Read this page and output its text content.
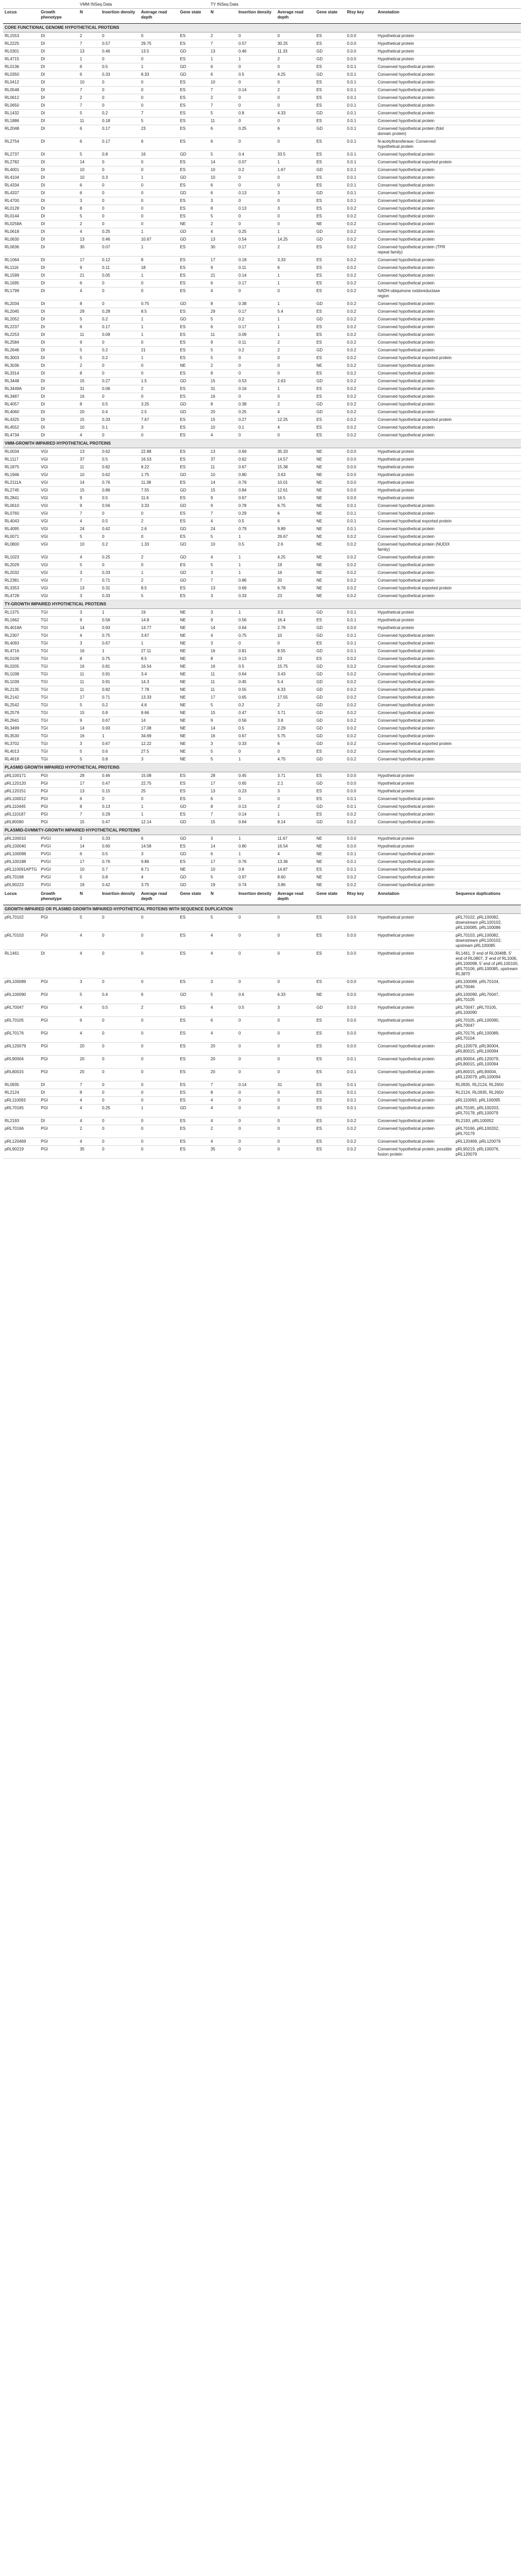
		VMM INSeq Data				TY INSeq Data						
Locus	Growth phenotype	N	Insertion density	Average read depth	Gene state	N	Insertion density	Average read depth	Gene state	Rtsy key	Annotation	
CORE FUNCTIONAL GENOME HYPOTHETICAL PROTEINS												
RL1553	DI	2	0	0	ES	2	0	0	ES	0.0.0	Hypothetical protein	
RL2225	DI	7	0.57	29.75	ES	7	0.57	30.25	ES	0.0.0	Hypothetical protein	
RL0301	DI	13	0.46	13.5	GD	13	0.46	11.33	GD	0.0.0	Hypothetical protein	
RL4715	DI	1	0	0	ES	1	1	2	GD	0.0.0	Hypothetical protein	
RL0136	DI	6	0.5	1	GD	6	0	0	ES	0.0.1	Conserved hypothetical protein	
RL0350	DI	6	0.33	8.33	GD	6	0.5	4.25	GD	0.0.1	Conserved hypothetical protein	
RL0412	DI	10	0	0	ES	10	0	0	ES	0.0.1	Conserved hypothetical protein	
RL0548	DI	7	0	0	ES	7	0.14	2	ES	0.0.1	Conserved hypothetical protein	
RL0612	DI	2	0	0	ES	2	0	0	ES	0.0.1	Conserved hypothetical protein	
RL0650	DI	7	0	0	ES	7	0	0	ES	0.0.1	Conserved hypothetical protein	
RL1432	DI	5	0.2	7	ES	5	0.8	4.33	GD	0.0.1	Conserved hypothetical protein	
RL1886	DI	11	0.18	5	ES	11	0	0	ES	0.0.1	Conserved hypothetical protein	
RL2048	DI	6	0.17	23	ES	6	0.25	6	GD	0.0.1	Conserved hypothetical protein (fold domain protein)	
RL2754	DI	6	0.17	6	ES	6	0	0	ES	0.0.1	N-acetyltransferase; Conserved hypothetical protein	
RL2737	DI	5	0.8	16	GD	5	0.4	33.5	ES	0.0.1	Conserved hypothetical protein	
RL2782	DI	14	0	0	ES	14	0.07	1	ES	0.0.1	Conserved hypothetical exported protein	
RL4001	DI	10	0	0	ES	10	0.2	1.67	GD	0.0.1	Conserved hypothetical protein	
RL4104	DI	10	0.3	1	GD	10	0	0	ES	0.0.1	Conserved hypothetical protein	
RL4334	DI	6	0	0	ES	6	0	0	ES	0.0.1	Conserved hypothetical protein	
RL4337	DI	6	0	0	GD	6	0.13	3	GD	0.0.1	Conserved hypothetical protein	
RL4700	DI	3	0	0	ES	3	0	0	ES	0.0.1	Conserved hypothetical protein	
RL0128	DI	8	0	0	ES	8	0.13	3	ES	0.0.2	Conserved hypothetical protein	
RL0144	DI	5	0	0	ES	5	0	0	ES	0.0.2	Conserved hypothetical protein	
RL0258A	DI	2	0	0	NE	2	0	0	NE	0.0.2	Conserved hypothetical protein	
RL0618	DI	4	0.25	1	GD	4	0.25	1	GD	0.0.2	Conserved hypothetical protein	
RL0630	DI	13	0.46	10.67	GD	13	0.54	14.25	GD	0.0.2	Conserved hypothetical protein	
RL0636	DI	30	0.07	1	ES	30	0.17	2	ES	0.0.2	Conserved hypothetical protein (TPR repeat family)	
RL1064	DI	17	0.12	8	ES	17	0.18	3.33	ES	0.0.2	Conserved hypothetical protein	
RL1116	DI	9	0.11	18	ES	9	0.11	6	ES	0.0.2	Conserved hypothetical protein	
RL1599	DI	21	0.05	1	ES	21	0.14	1	ES	0.0.2	Conserved hypothetical protein	
RL1695	DI	6	0	0	ES	6	0.17	1	ES	0.0.2	Conserved hypothetical protein	
RL1799	DI	4	0	0	ES	4	0	0	ES	0.0.2	NADH-ubiquinone oxidoreductase region	
RL2034	DI	8	0	0.75	GD	8	0.38	1	GD	0.0.2	Conserved hypothetical protein	
RL2045	DI	29	0.28	8.5	ES	29	0.17	5.4	ES	0.0.2	Conserved hypothetical protein	
RL2052	DI	5	0.2	1	GD	5	0.2	1	GD	0.0.2	Conserved hypothetical protein	
RL2237	DI	6	0.17	1	ES	6	0.17	1	ES	0.0.2	Conserved hypothetical protein	
RL2253	DI	11	0.09	1	ES	11	0.09	1	ES	0.0.2	Conserved hypothetical protein	
RL2584	DI	9	0	0	ES	9	0.11	2	ES	0.0.2	Conserved hypothetical protein	
RL2646	DI	5	0.2	21	ES	5	0.2	2	GD	0.0.2	Conserved hypothetical protein	
RL3003	DI	5	0.2	1	ES	5	0	0	ES	0.0.2	Conserved hypothetical exported protein	
RL3036	DI	2	0	0	NE	2	0	0	NE	0.0.2	Conserved hypothetical protein	
RL3314	DI	8	0	0	ES	8	0	0	ES	0.0.2	Conserved hypothetical protein	
RL3448	DI	15	0.27	1.5	GD	15	0.53	2.63	GD	0.0.2	Conserved hypothetical protein	
RL3449A	DI	31	0.06	2	ES	31	0.16	1	ES	0.0.2	Conserved hypothetical protein	
RL3487	DI	16	0	0	ES	16	0	0	ES	0.0.2	Conserved hypothetical protein	
RL4057	DI	8	0.5	3.25	GD	8	0.38	2	GD	0.0.2	Conserved hypothetical protein	
RL4060	DI	20	0.4	2.5	GD	20	0.25	4	GD	0.0.2	Conserved hypothetical protein	
RL4325	DI	15	0.33	7.67	ES	15	0.27	12.25	ES	0.0.2	Conserved hypothetical exported protein	
RL4552	DI	10	0.1	3	ES	10	0.1	4	ES	0.0.2	Conserved hypothetical protein	
RL4734	DI	4	0	0	ES	4	0	0	ES	0.0.2	Conserved hypothetical protein	
VMM-GROWTH IMPAIRED HYPOTHETICAL PROTEINS												
RL0034	VGI	13	0.62	22.88	ES	13	0.69	35.33	NE	0.0.0	Hypothetical protein	
RL1117	VGI	37	0.5	16.53	ES	37	0.62	14.57	NE	0.0.0	Hypothetical protein	
RL1875	VGI	11	0.82	8.22	ES	11	0.67	15.38	NE	0.0.0	Hypothetical protein	
RL1946	VGI	10	0.62	1.75	GD	10	0.80	3.63	NE	0.0.0	Hypothetical protein	
RL2111A	VGI	14	0.76	11.38	ES	14	0.79	10.01	NE	0.0.0	Hypothetical protein	
RL2745	VGI	15	0.86	7.55	GD	15	0.84	12.61	NE	0.0.0	Hypothetical protein	
RL2841	VGI	9	0.5	11.6	ES	9	0.67	16.5	NE	0.0.0	Hypothetical protein	
RL0610	VGI	9	0.56	3.33	GD	9	0.78	6.75	NE	0.0.1	Conserved hypothetical protein	
RL0760	VGI	7	0	0	ES	7	0.29	6	NE	0.0.1	Conserved hypothetical protein	
RL4043	VGI	4	0.5	2	ES	4	0.5	6	NE	0.0.1	Conserved hypothetical exported protein	
RL4095	VGI	24	0.42	2.6	GD	24	0.79	9.89	NE	0.0.1	Conserved hypothetical protein	
RL0071	VGI	5	0	0	ES	5	1	26.67	NE	0.0.2	Conserved hypothetical protein	
RL0800	VGI	10	0.2	1.33	GD	10	0.5	2.6	NE	0.0.2	Conserved hypothetical protein (NUDIX family)	
RL1023	VGI	4	0.25	2	GD	4	1	4.25	NE	0.0.2	Conserved hypothetical protein	
RL2029	VGI	5	0	0	ES	5	1	19	NE	0.0.2	Conserved hypothetical protein	
RL2032	VGI	3	0.33	1	GD	3	1	16	NE	0.0.2	Conserved hypothetical protein	
RL2381	VGI	7	0.71	2	GD	7	0.86	20	NE	0.0.2	Conserved hypothetical protein	
RL3353	VGI	13	0.31	8.5	ES	13	0.69	6.78	NE	0.0.2	Conserved hypothetical exported protein	
RL4728	VGI	3	0.33	5	ES	3	0.33	23	NE	0.0.2	Conserved hypothetical protein	
TY-GROWTH IMPAIRED HYPOTHETICAL PROTEINS												
RL1375	TGI	3	1	19	NE	3	1	3.5	GD	0.0.1	Hypothetical protein	
RL1662	TGI	9	0.56	14.8	NE	9	0.56	16.4	ES	0.0.1	Hypothetical protein	
RL4018A	TGI	14	0.93	14.77	NE	14	0.64	2.78	GD	0.0.0	Hypothetical protein	
RL2307	TGI	4	0.75	3.67	NE	4	0.75	10	GD	0.0.1	Conserved hypothetical protein	
RL4093	TGI	3	0.67	1	NE	3	0	0	ES	0.0.1	Conserved hypothetical protein	
RL4716	TGI	16	1	27.11	NE	16	0.81	8.55	GD	0.0.1	Conserved hypothetical protein	
RL0109	TGI	8	0.75	8.5	NE	8	0.13	23	ES	0.0.2	Conserved hypothetical protein	
RL0205	TGI	16	0.81	16.54	NE	16	0.5	15.75	GD	0.0.2	Conserved hypothetical protein	
RL1038	TGI	11	0.91	3.4	NE	11	0.64	3.43	GD	0.0.2	Conserved hypothetical protein	
RL1039	TGI	11	0.91	14.3	NE	11	0.45	5.4	GD	0.0.2	Conserved hypothetical protein	
RL2135	TGI	11	0.82	7.78	NE	11	0.55	6.33	GD	0.0.2	Conserved hypothetical protein	
RL2142	TGI	17	0.71	13.33	NE	17	0.65	17.55	GD	0.0.2	Conserved hypothetical protein	
RL2542	TGI	5	0.2	4.6	NE	5	0.2	2	GD	0.0.2	Conserved hypothetical protein	
RL2579	TGI	15	0.8	8.66	NE	15	0.47	3.71	GD	0.0.2	Conserved hypothetical protein	
RL2641	TGI	9	0.67	14	NE	9	0.56	3.8	GD	0.0.2	Conserved hypothetical protein	
RL3499	TGI	14	0.93	17.08	NE	14	0.5	2.29	GD	0.0.2	Conserved hypothetical protein	
RL3530	TGI	16	1	34.69	NE	16	0.67	5.75	GD	0.0.2	Conserved hypothetical protein	
RL3702	TGI	3	0.67	12.22	NE	3	0.33	6	GD	0.0.2	Conserved hypothetical exported protein	
RL4013	TGI	5	0.6	27.5	NE	5	0	0	ES	0.0.2	Conserved hypothetical protein	
RL4618	TGI	5	0.8	3	NE	5	1	4.75	GD	0.0.2	Conserved hypothetical protein	
PLASMID GROWTH IMPAIRED HYPOTHETICAL PROTEINS												
pRL100171	PGI	28	0.46	15.08	ES	28	0.45	3.71	ES	0.0.0	Hypothetical protein	
pRL120120	PGI	17	0.47	22.75	ES	17	0.65	2.1	GD	0.0.0	Hypothetical protein	
pRL120151	PGI	13	0.15	25	ES	13	0.23	3	ES	0.0.0	Hypothetical protein	
pRL100012	PGI	6	0	0	ES	6	0	0	ES	0.0.1	Conserved hypothetical protein	
pRL110445	PGI	8	0.13	1	GD	8	0.13	2	GD	0.0.1	Conserved hypothetical protein	
pRL110187	PGI	7	0.29	1	ES	7	0.14	1	ES	0.0.2	Conserved hypothetical protein	
pRL80090	PGI	15	0.47	12.14	GD	15	0.64	8.14	GD	0.0.2	Conserved hypothetical protein	
PLASMID-GVMM/TY-GROWTH IMPAIRED HYPOTHETICAL PROTEINS												
pRL100010	PVGI	3	0.33	6	GD	3	1	11.67	NE	0.0.0	Hypothetical protein	
pRL100040	PVGI	14	0.60	14.58	ES	14	0.80	16.54	NE	0.0.0	Hypothetical protein	
pRL100098	PVGI	6	0.5	3	GD	6	1	4	NE	0.0.1	Conserved hypothetical protein	
pRL100188	PVGI	17	0.76	9.86	ES	17	0.76	13.36	NE	0.0.1	Conserved hypothetical protein	
pRL110091APTG	PVGI	10	0.7	8.71	NE	10	0.8	14.87	ES	0.0.1	Conserved hypothetical protein	
pRL70168	PVGI	5	0.8	4	GD	5	0.97	8.60	NE	0.0.2	Conserved hypothetical protein	
pRL90223	PVGI	19	0.42	3.75	GD	19	0.74	3.86	NE	0.0.2	Conserved hypothetical protein	

Locus	Growth phenotype	N	Insertion density	Average read depth	Gene state	N	Insertion density	Average read depth	Gene state	Rtsy key	Annotation	Sequence duplications
GROWTH IMPAIRED OR PLASMID GROWTH IMPAIRED HYPOTHETICAL PROTEINS WITH SEQUENCE DUPLICATION												
pRL70102	PGI	5	0	0	ES	5	0	0	ES	0.0.0	Hypothetical protein	pRL70102, pRL100082, downstream pRL100102, pRL100085, pRL100086
pRL70103	PGI	4	0	0	ES	4	0	0	ES	0.0.0	Hypothetical protein	pRL70103, pRL100082, downstream pRL100102, upstream pRL100085
RL1461	DI	4	0	0	ES	4	0	0	ES	0.0.0	Hypothetical protein	RL1461, 3' end of RL0048B, 5' end of RL0807, 3' end of RL1006, pRL100098, 5' end of pRL100100, pRL70106, pRL100085, upstream RL3870
pRL100089	PGI	3	0	0	ES	3	0	0	ES	0.0.0	Hypothetical protein	pRL100089, pRL70104, pRL70046
pRL100090	PGI	5	0.4	6	GD	5	0.6	6.33	NE	0.0.0	Hypothetical protein	pRL100090, pRL70047, pRL70105
pRL70047	PGI	4	0.5	2	ES	4	0.5	3	GD	0.0.0	Hypothetical protein	pRL70047, pRL70105, pRL100090
pRL70105	PGI	6	0	0	ES	6	0	0	ES	0.0.0	Hypothetical protein	pRL70105, pRL100090, pRL70047
pRL70176	PGI	4	0	0	ES	4	0	0	ES	0.0.0	Hypothetical protein	pRL70176, pRL100089, pRL70104
pRL120079	PGI	20	0	0	ES	20	0	0	ES	0.0.0	Conserved hypothetical protein	pRL120079, pRL90004, pRL80015, pRL100094
pRL90004	PGI	20	0	0	ES	20	0	0	ES	0.0.1	Conserved hypothetical protein	pRL90004, pRL120079, pRL80015, pRL100094
pRL80015	PGI	20	0	0	ES	20	0	0	ES	0.0.1	Conserved hypothetical protein	pRL80015, pRL90004, pRL120079, pRL100094
RL0935	DI	7	0	0	ES	7	0.14	31	ES	0.0.1	Conserved hypothetical protein	RL0935, RL2124, RL2650
RL2124	DI	8	0	0	ES	8	0	0	ES	0.0.1	Conserved hypothetical protein	RL2124, RL0935, RL2650
pRL110093	PGI	4	0	0	ES	4	0	0	ES	0.0.1	Conserved hypothetical protein	pRL110093, pRL100095
pRL70165	PGI	4	0.25	1	GD	4	0	0	ES	0.0.1	Conserved hypothetical protein	pRL70165, pRL100203, pRL70178, pRL100079
RL2193	DI	4	0	0	ES	4	0	0	ES	0.0.2	Conserved hypothetical protein	RL2193, pRL100052
pRL70166	PGI	2	0	0	ES	2	0	0	ES	0.0.2	Conserved hypothetical protein	pRL70166, pRL100202, pRL70179
pRL120469	PGI	4	0	0	ES	4	0	0	ES	0.0.2	Conserved hypothetical protein	pRL120469, pRL120079
pRL90219	PGI	35	0	0	ES	35	0	0	ES	0.0.2	Conserved hypothetical protein, possible fusion protein	pRL90219, pRL100076, pRL120079
